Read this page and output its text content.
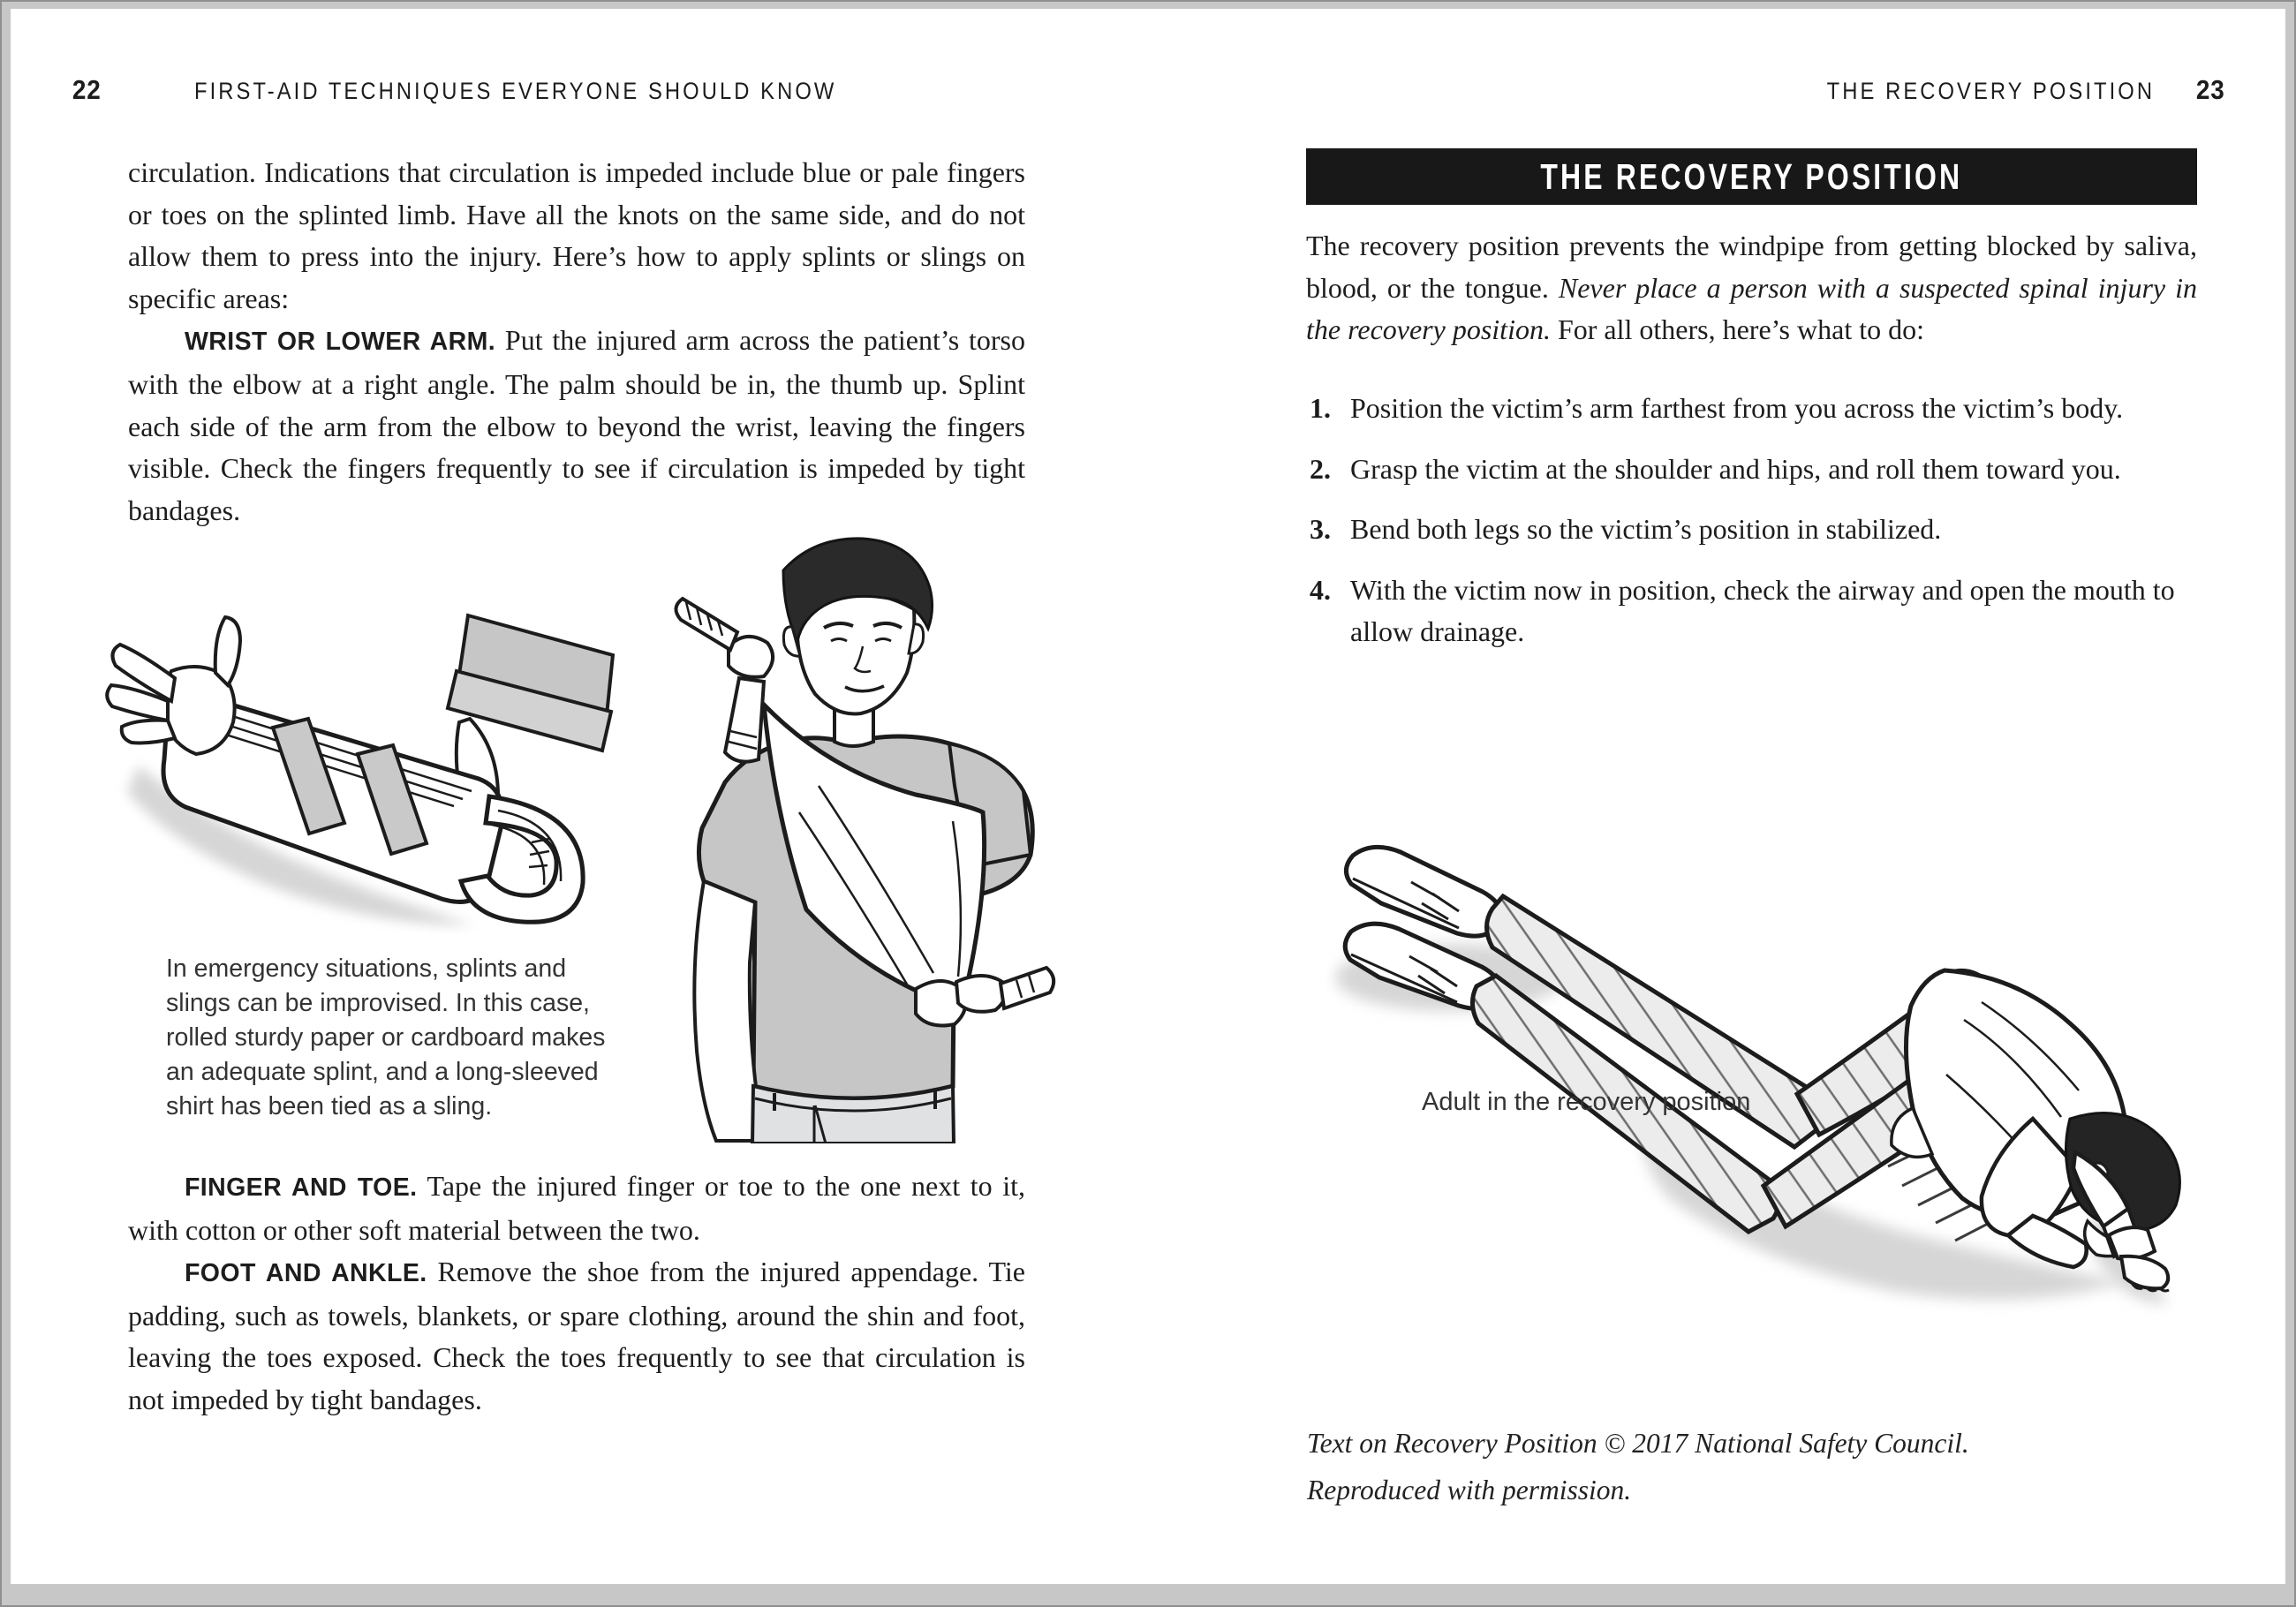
22	FIRST-AID TECHNIQUES EVERYONE SHOULD KNOW	THE RECOVERY POSITION 23

circulation. Indications that circulation is impeded include blue or pale fingers or toes on the splinted limb. Have all the knots on the same side, and do not allow them to press into the injury. Here’s how to apply splints or slings on specific areas:

WRIST OR LOWER ARM. Put the injured arm across the patient’s torso with the elbow at a right angle. The palm should be in, the thumb up. Splint each side of the arm from the elbow to beyond the wrist, leaving the fingers visible. Check the fingers frequently to see if circulation is impeded by tight bandages.

FINGER AND TOE. Tape the injured finger or toe to the one next to it, with cotton or other soft material between the two.

FOOT AND ANKLE. Remove the shoe from the injured appendage. Tie padding, such as towels, blankets, or spare clothing, around the shin and foot, leaving the toes exposed. Check the toes frequently to see that circulation is not impeded by tight bandages.

In emergency situations, splints and slings can be improvised. In this case, rolled sturdy paper or cardboard makes an adequate splint, and a long-sleeved shirt has been tied as a sling.
THE RECOVERY POSITION

The recovery position prevents the windpipe from getting blocked by saliva, blood, or the tongue. Never place a person with a suspected spinal injury in the recovery position. For all others, here’s what to do:

1. Position the victim’s arm farthest from you across the victim’s body.
2. Grasp the victim at the shoulder and hips, and roll them toward you.
3. Bend both legs so the victim’s position in stabilized.
4. With the victim now in position, check the airway and open the mouth to allow drainage.
Adult in the recovery position
Text on Recovery Position © 2017 National Safety Council.
Reproduced with permission.
